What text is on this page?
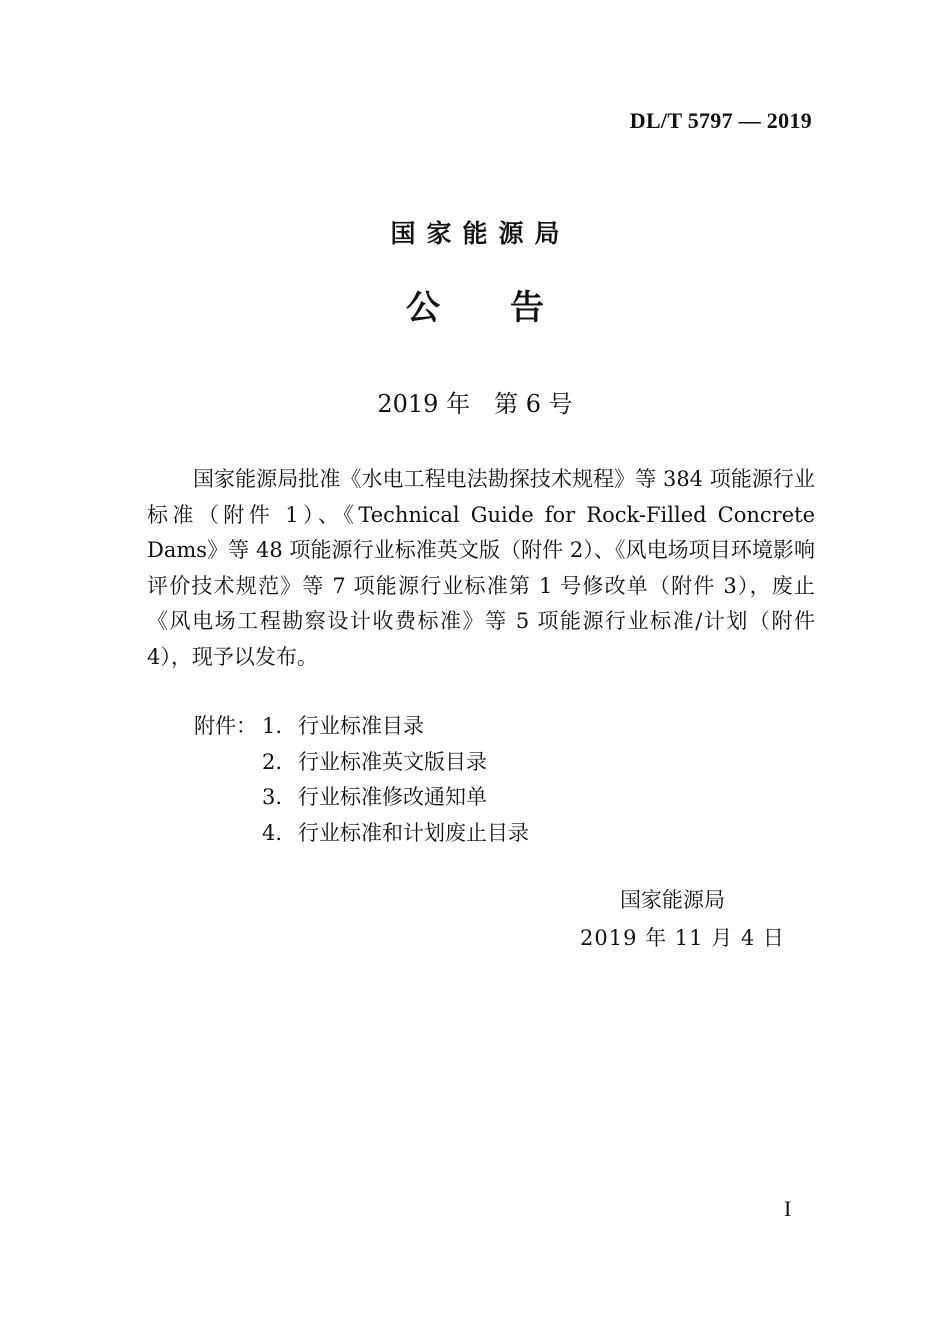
DL/T 5797 — 2019
国家能源局
公告
2019 年　第 6 号

国家能源局批准《水电工程电法勘探技术规程》等 384 项能源行业标准（附件 1）、《Technical Guide for Rock-Filled Concrete Dams》等 48 项能源行业标准英文版（附件 2）、《风电场项目环境影响评价技术规范》等 7 项能源行业标准第 1 号修改单（附件 3），废止《风电场工程勘察设计收费标准》等 5 项能源行业标准/计划（附件 4），现予以发布。

附件： 1. 行业标准目录
2. 行业标准英文版目录
3. 行业标准修改通知单
4. 行业标准和计划废止目录
国家能源局
2019 年 11 月 4 日
I
